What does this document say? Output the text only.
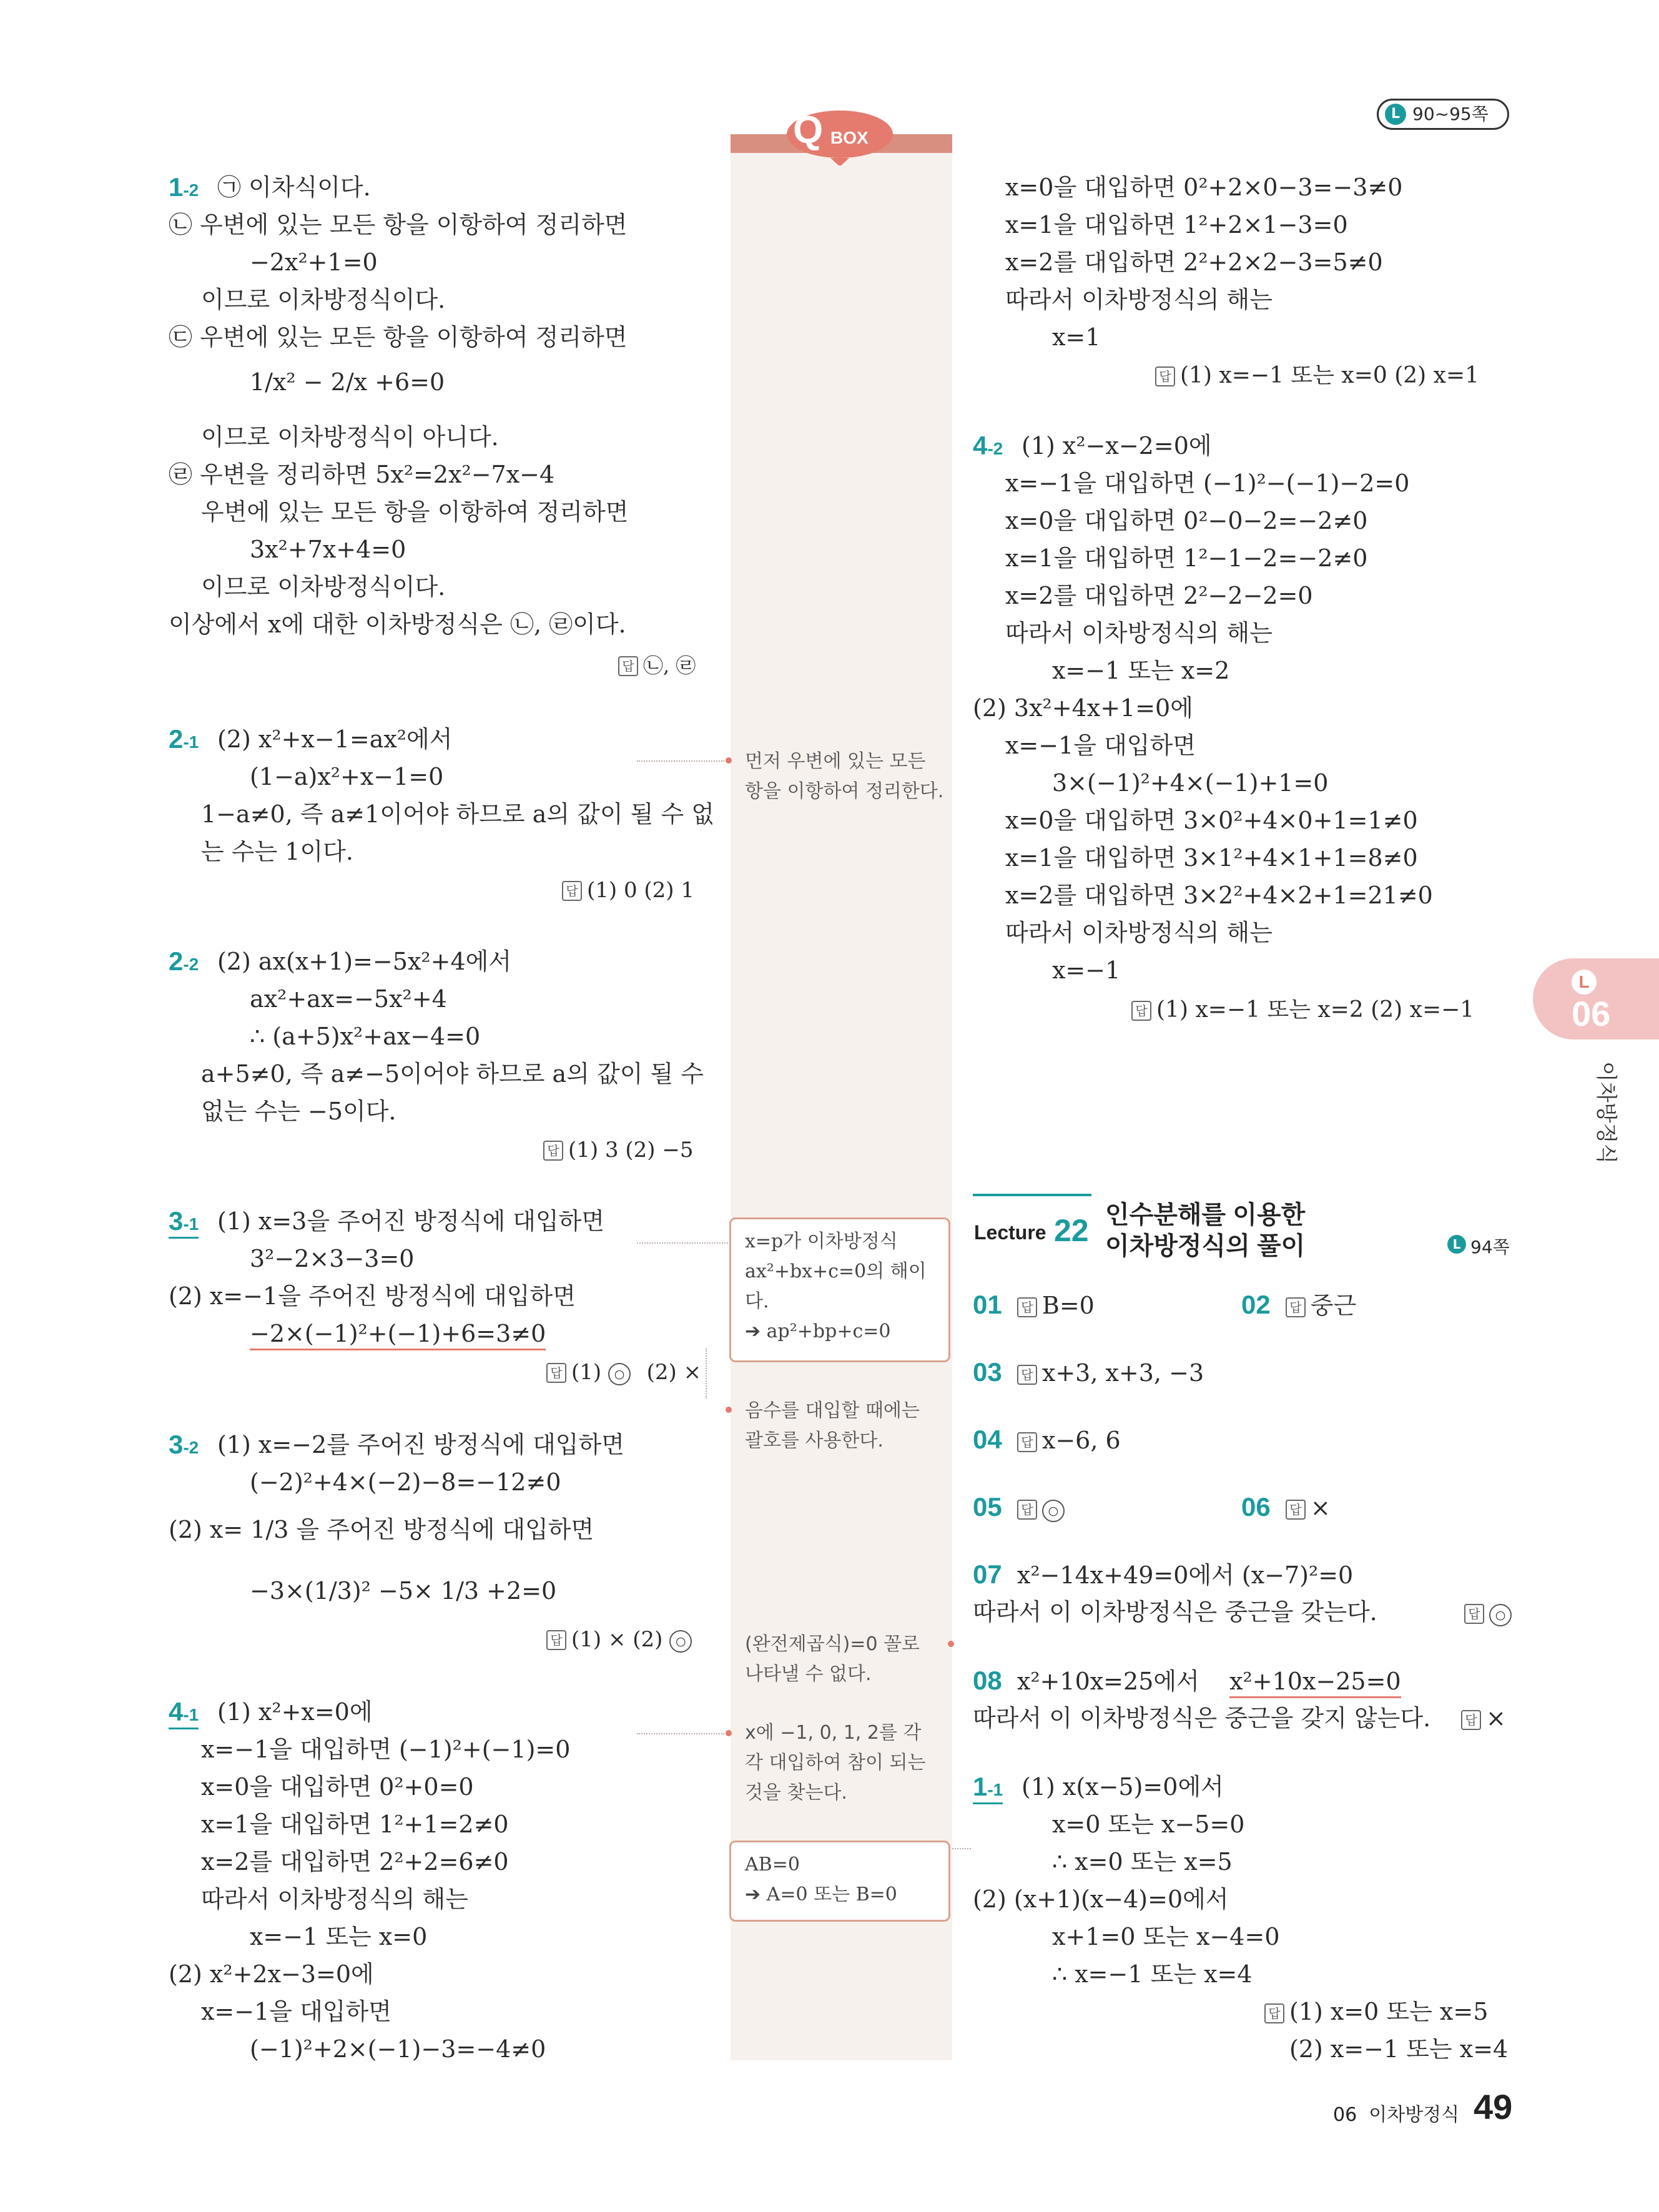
L 90~95쪽
Q BOX
1-2 ㉠ 이차식이다.
㉡ 우변에 있는 모든 항을 이항하여 정리하면
−2x²+1=0
이므로 이차방정식이다.
㉢ 우변에 있는 모든 항을 이항하여 정리하면
1/x² − 2/x +6=0
이므로 이차방정식이 아니다.
㉣ 우변을 정리하면 5x²=2x²−7x−4
우변에 있는 모든 항을 이항하여 정리하면
3x²+7x+4=0
이므로 이차방정식이다.
이상에서 x에 대한 이차방정식은 ㉡, ㉣이다.
답 ㉡, ㉣
2-1 (2) x²+x−1=ax²에서
(1−a)x²+x−1=0
1−a≠0, 즉 a≠1이어야 하므로 a의 값이 될 수 없
는 수는 1이다.
답 (1) 0 (2) 1
2-2 (2) ax(x+1)=−5x²+4에서
ax²+ax=−5x²+4
∴ (a+5)x²+ax−4=0
a+5≠0, 즉 a≠−5이어야 하므로 a의 값이 될 수
없는 수는 −5이다.
답 (1) 3 (2) −5
3-1 (1) x=3을 주어진 방정식에 대입하면
3²−2×3−3=0
(2) x=−1을 주어진 방정식에 대입하면
−2×(−1)²+(−1)+6=3≠0
답 (1) ○ (2) ×
3-2 (1) x=−2를 주어진 방정식에 대입하면
(−2)²+4×(−2)−8=−12≠0
(2) x= 1/3 을 주어진 방정식에 대입하면
−3×(1/3)² −5× 1/3 +2=0
답 (1) × (2) ○
4-1 (1) x²+x=0에
x=−1을 대입하면 (−1)²+(−1)=0
x=0을 대입하면 0²+0=0
x=1을 대입하면 1²+1=2≠0
x=2를 대입하면 2²+2=6≠0
따라서 이차방정식의 해는
x=−1 또는 x=0
(2) x²+2x−3=0에
x=−1을 대입하면
(−1)²+2×(−1)−3=−4≠0
먼저 우변에 있는 모든
항을 이항하여 정리한다.
x=p가 이차방정식
ax²+bx+c=0의 해이
다.
➔ ap²+bp+c=0
음수를 대입할 때에는
괄호를 사용한다.
(완전제곱식)=0 꼴로
나타낼 수 없다.
x에 −1, 0, 1, 2를 각
각 대입하여 참이 되는
것을 찾는다.
AB=0
➔ A=0 또는 B=0
x=0을 대입하면 0²+2×0−3=−3≠0
x=1을 대입하면 1²+2×1−3=0
x=2를 대입하면 2²+2×2−3=5≠0
따라서 이차방정식의 해는
x=1
답 (1) x=−1 또는 x=0 (2) x=1
4-2 (1) x²−x−2=0에
x=−1을 대입하면 (−1)²−(−1)−2=0
x=0을 대입하면 0²−0−2=−2≠0
x=1을 대입하면 1²−1−2=−2≠0
x=2를 대입하면 2²−2−2=0
따라서 이차방정식의 해는
x=−1 또는 x=2
(2) 3x²+4x+1=0에
x=−1을 대입하면
3×(−1)²+4×(−1)+1=0
x=0을 대입하면 3×0²+4×0+1=1≠0
x=1을 대입하면 3×1²+4×1+1=8≠0
x=2를 대입하면 3×2²+4×2+1=21≠0
따라서 이차방정식의 해는
x=−1
답 (1) x=−1 또는 x=2 (2) x=−1
Lecture 22 인수분해를 이용한
이차방정식의 풀이	L 94쪽
01 답 B=0	02 답 중근
03 답 x+3, x+3, −3
04 답 x−6, 6
05 답 ○	06 답 ×
07 x²−14x+49=0에서 (x−7)²=0
따라서 이 이차방정식은 중근을 갖는다.	답 ○
08 x²+10x=25에서 x²+10x−25=0
따라서 이 이차방정식은 중근을 갖지 않는다.	답 ×
1-1 (1) x(x−5)=0에서
x=0 또는 x−5=0
∴ x=0 또는 x=5
(2) (x+1)(x−4)=0에서
x+1=0 또는 x−4=0
∴ x=−1 또는 x=4
답 (1) x=0 또는 x=5
(2) x=−1 또는 x=4
L
06
이차방정식
06  이차방정식 49
